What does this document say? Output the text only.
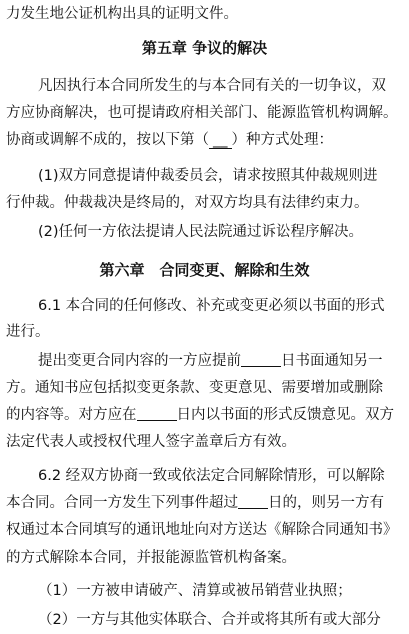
力发生地公证机构出具的证明文件。
第五章 争议的解决
凡因执行本合同所发生的与本合同有关的一切争议，双
方应协商解决，也可提请政府相关部门、能源监管机构调解。
协商或调解不成的，按以下第（ __ ）种方式处理：
(1)双方同意提请仲裁委员会，请求按照其仲裁规则进
行仲裁。仲裁裁决是终局的，对双方均具有法律约束力。
(2)任何一方依法提请人民法院通过诉讼程序解决。
第六章　合同变更、解除和生效
6.1 本合同的任何修改、补充或变更必须以书面的形式
进行。
提出变更合同内容的一方应提前	日书面通知另一
方。通知书应包括拟变更条款、变更意见、需要增加或删除
的内容等。对方应在	日内以书面的形式反馈意见。双方
法定代表人或授权代理人签字盖章后方有效。
6.2 经双方协商一致或依法定合同解除情形，可以解除
本合同。合同一方发生下列事件超过 日的，则另一方有
权通过本合同填写的通讯地址向对方送达《解除合同通知书》
的方式解除本合同，并报能源监管机构备案。
（1）一方被申请破产、清算或被吊销营业执照；
（2）一方与其他实体联合、合并或将其所有或大部分
